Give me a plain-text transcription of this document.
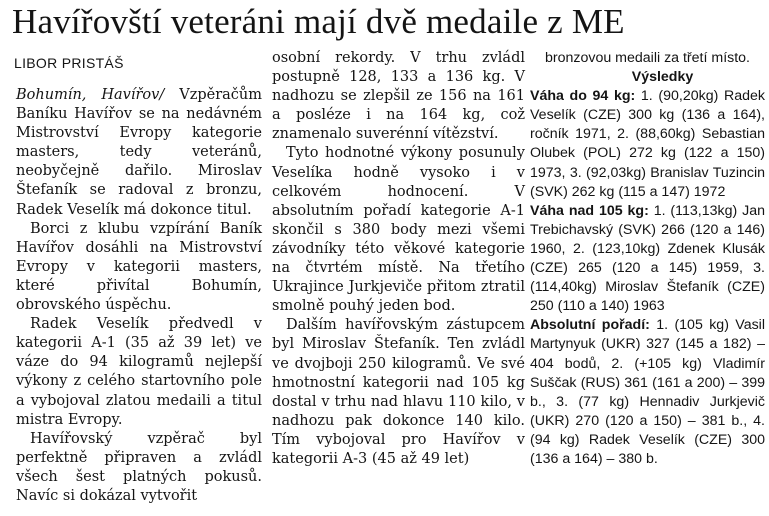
Havířovští veteráni mají dvě medaile z ME
LIBOR PRISTÁŠ

Bohumín, Havířov/ Vzpěračům Baníku Havířov se na nedávném Mistrovství Evropy kategorie masters, tedy veteránů, neobyčejně dařilo. Miroslav Štefaník se radoval z bronzu, Radek Veselík má dokonce titul.

Borci z klubu vzpírání Baník Havířov dosáhli na Mistrovství Evropy v kategorii masters, které přivítal Bohumín, obrovského úspěchu.

Radek Veselík předvedl v kategorii A-1 (35 až 39 let) ve váze do 94 kilogramů nejlepší výkony z celého startovního pole a vybojoval zlatou medaili a titul mistra Evropy.

Havířovský vzpěrač byl perfektně připraven a zvládl všech šest platných pokusů. Navíc si dokázal vytvořit

osobní rekordy. V trhu zvládl postupně 128, 133 a 136 kg. V nadhozu se zlepšil ze 156 na 161 a posléze i na 164 kg, což znamenalo suverénní vítězství.

Tyto hodnotné výkony posunuly Veselíka hodně vysoko i v celkovém hodnocení. V absolutním pořadí kategorie A-1 skončil s 380 body mezi všemi závodníky této věkové kategorie na čtvrtém místě. Na třetího Ukrajince Jurkjeviče přitom ztratil smolně pouhý jeden bod.

Dalším havířovským zástupcem byl Miroslav Štefaník. Ten zvládl ve dvojboji 250 kilogramů. Ve své hmotnostní kategorii nad 105 kg dostal v trhu nad hlavu 110 kilo, v nadhozu pak dokonce 140 kilo. Tím vybojoval pro Havířov v kategorii A-3 (45 až 49 let)

bronzovou medaili za třetí místo.

Výsledky

Váha do 94 kg: 1. (90,20kg) Radek Veselík (CZE) 300 kg (136 a 164), ročník 1971, 2. (88,60kg) Sebastian Olubek (POL) 272 kg (122 a 150) 1973, 3. (92,03kg) Branislav Tuzincin (SVK) 262 kg (115 a 147) 1972

Váha nad 105 kg: 1. (113,13kg) Jan Trebichavský (SVK) 266 (120 a 146) 1960, 2. (123,10kg) Zdenek Klusák (CZE) 265 (120 a 145) 1959, 3. (114,40kg) Miroslav Štefaník (CZE) 250 (110 a 140) 1963

Absolutní pořadí: 1. (105 kg) Vasil Martynyuk (UKR) 327 (145 a 182) – 404 bodů, 2. (+105 kg) Vladimír Suščak (RUS) 361 (161 a 200) – 399 b., 3. (77 kg) Hennadiv Jurkjevič (UKR) 270 (120 a 150) – 381 b., 4. (94 kg) Radek Veselík (CZE) 300 (136 a 164) – 380 b.
